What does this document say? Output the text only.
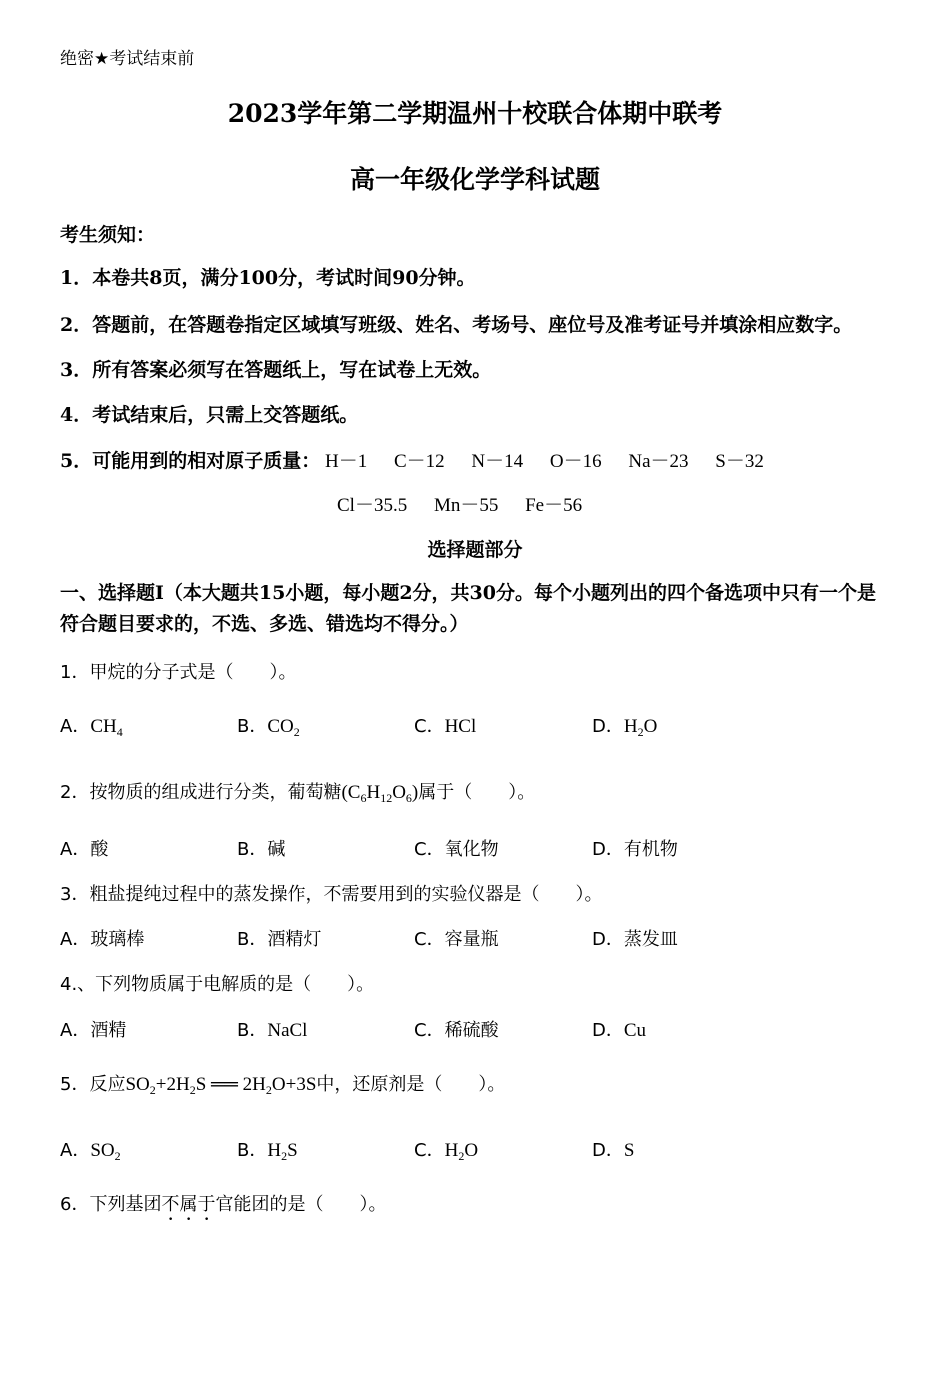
绝密★考试结束前
2023学年第二学期温州十校联合体期中联考
高一年级化学学科试题
考生须知：
1．本卷共8页，满分100分，考试时间90分钟。
2．答题前，在答题卷指定区域填写班级、姓名、考场号、座位号及准考证号并填涂相应数字。
3．所有答案必须写在答题纸上，写在试卷上无效。
4．考试结束后，只需上交答题纸。
5．可能用到的相对原子质量： H－1 C－12 N－14 O－16 Na－23 S－32
Cl－35.5 Mn－55 Fe－56
选择题部分
一、选择题Ⅰ（本大题共15小题，每小题2分，共30分。每个小题列出的四个备选项中只有一个是符合题目要求的，不选、多选、错选均不得分。）
1．甲烷的分子式是（　　）。
A．$CH_4$	B．$CO_2$	C．HCl	D．$H_2O$
2．按物质的组成进行分类，葡萄糖$(C_6H_{12}O_6)$属于（　　）。
A．酸	B．碱	C．氧化物	D．有机物
3．粗盐提纯过程中的蒸发操作，不需要用到的实验仪器是（　　）。
A．玻璃棒	B．酒精灯	C．容量瓶	D．蒸发皿
4.、下列物质属于电解质的是（　　）。
A．酒精	B．NaCl	C．稀硫酸	D．Cu
5．反应$SO_2+2H_2S$ ══ $2H_2O+3S$中，还原剂是（　　）。
A．$SO_2$	B．$H_2S$	C．$H_2O$	D．S
6．下列基团不属于官能团的是（　　）。
